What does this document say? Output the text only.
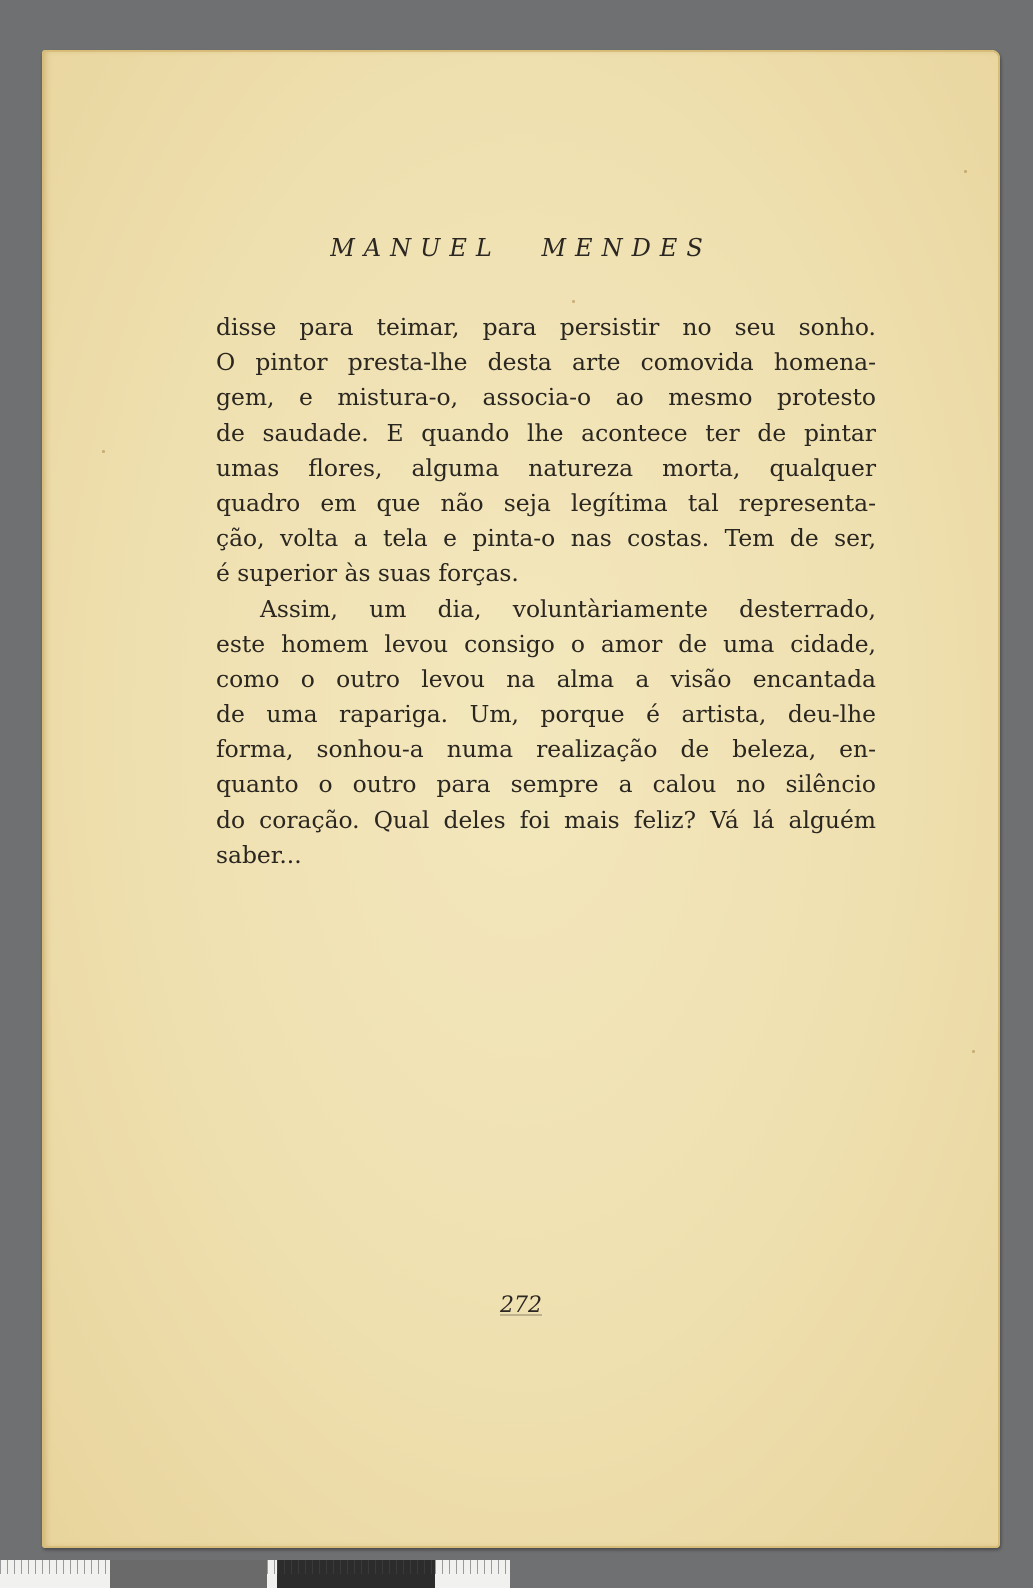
MANUEL MENDES
disse para teimar, para persistir no seu sonho.
O pintor presta-lhe desta arte comovida homena-
gem, e mistura-o, associa-o ao mesmo protesto
de saudade. E quando lhe acontece ter de pintar
umas flores, alguma natureza morta, qualquer
quadro em que não seja legítima tal representa-
ção, volta a tela e pinta-o nas costas. Tem de ser,
é superior às suas forças.
Assim, um dia, voluntàriamente desterrado,
este homem levou consigo o amor de uma cidade,
como o outro levou na alma a visão encantada
de uma rapariga. Um, porque é artista, deu-lhe
forma, sonhou-a numa realização de beleza, en-
quanto o outro para sempre a calou no silêncio
do coração. Qual deles foi mais feliz? Vá lá alguém
saber...
272
